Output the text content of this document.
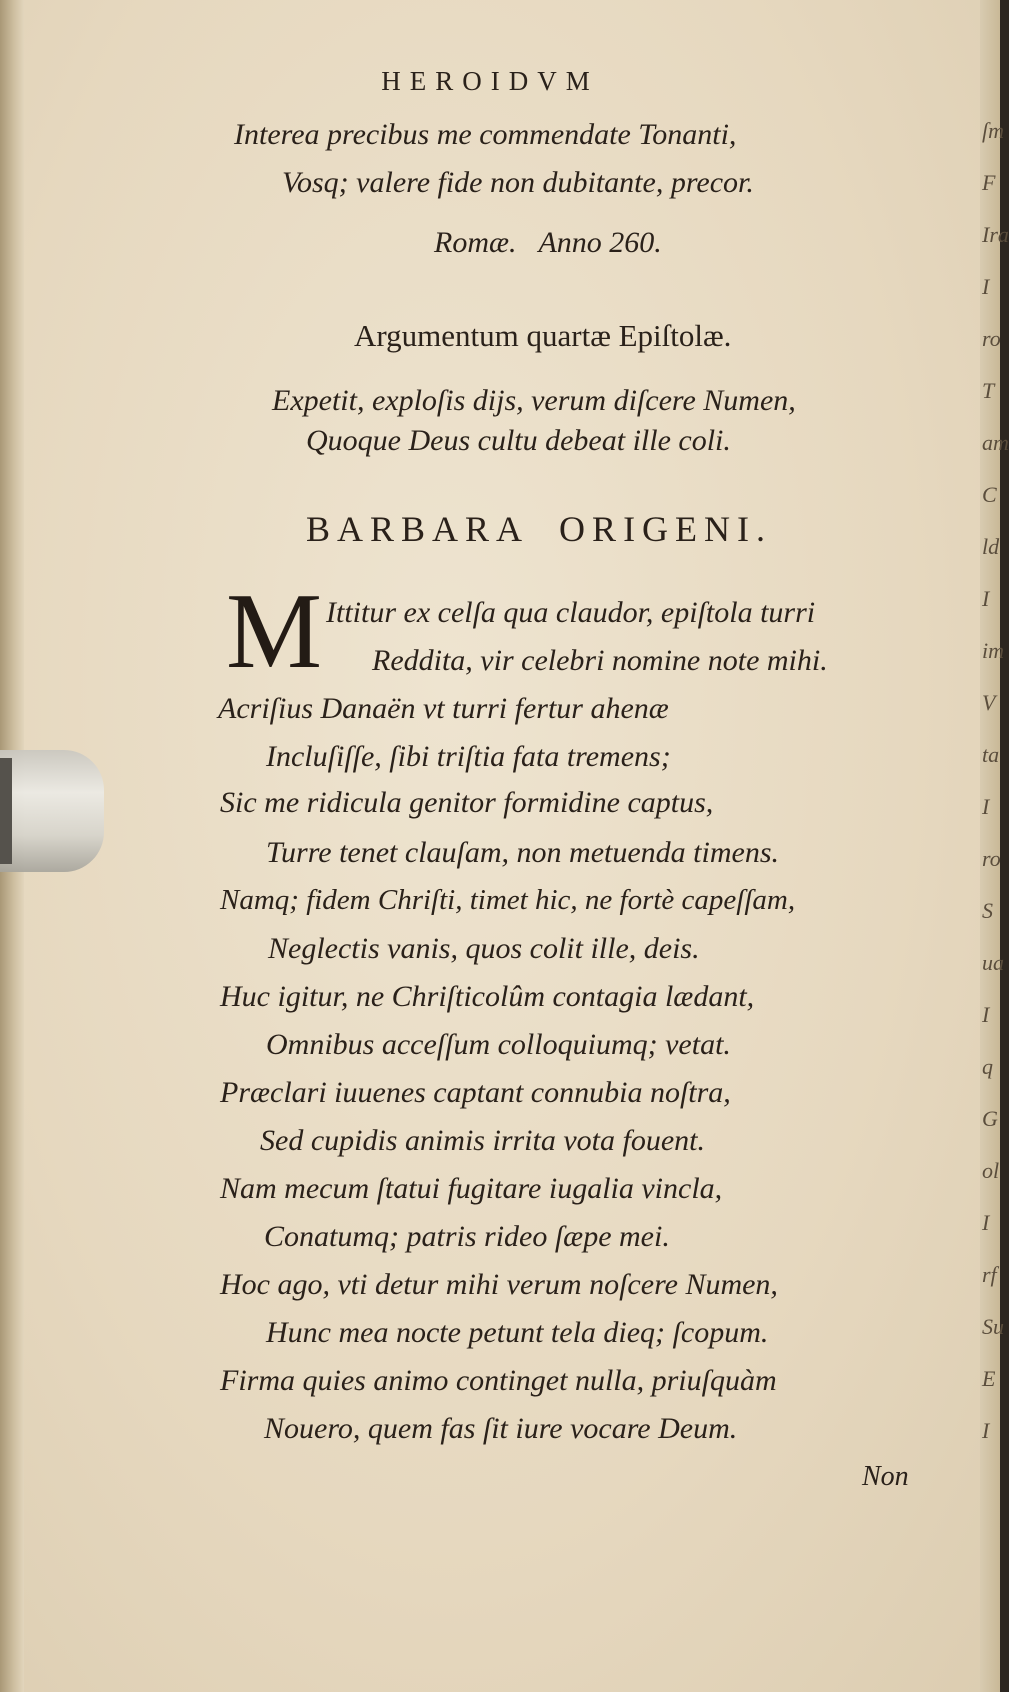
HEROIDVM
Interea precibus me commendate Tonanti,
Vosq; valere fide non dubitante, precor.
Romæ.   Anno 260.
Argumentum quartæ Epiſtolæ.
Expetit, exploſis dijs, verum diſcere Numen,
Quoque Deus cultu debeat ille coli.
BARBARA  ORIGENI.
M Ittitur ex celſa qua claudor, epiſtola turri
Reddita, vir celebri nomine note mihi.
Acriſius Danaën vt turri fertur ahenæ
Incluſiſſe, ſibi triſtia fata tremens;
Sic me ridicula genitor formidine captus,
Turre tenet clauſam, non metuenda timens.
Namq; fidem Chriſti, timet hic, ne fortè capeſſam,
Neglectis vanis, quos colit ille, deis.
Huc igitur, ne Chriſticolûm contagia lædant,
Omnibus acceſſum colloquiumq; vetat.
Præclari iuuenes captant connubia noſtra,
Sed cupidis animis irrita vota fouent.
Nam mecum ſtatui fugitare iugalia vincla,
Conatumq; patris rideo ſæpe mei.
Hoc ago, vti detur mihi verum noſcere Numen,
Hunc mea nocte petunt tela dieq; ſcopum.
Firma quies animo continget nulla, priuſquàm
Nouero, quem fas ſit iure vocare Deum.
Non
ſm
F
Ira
I
ro
T
am
C
ld
I
im
V
ta
I
ro
S
ua
I
q
G
ol
I
rf
Su
E
I
